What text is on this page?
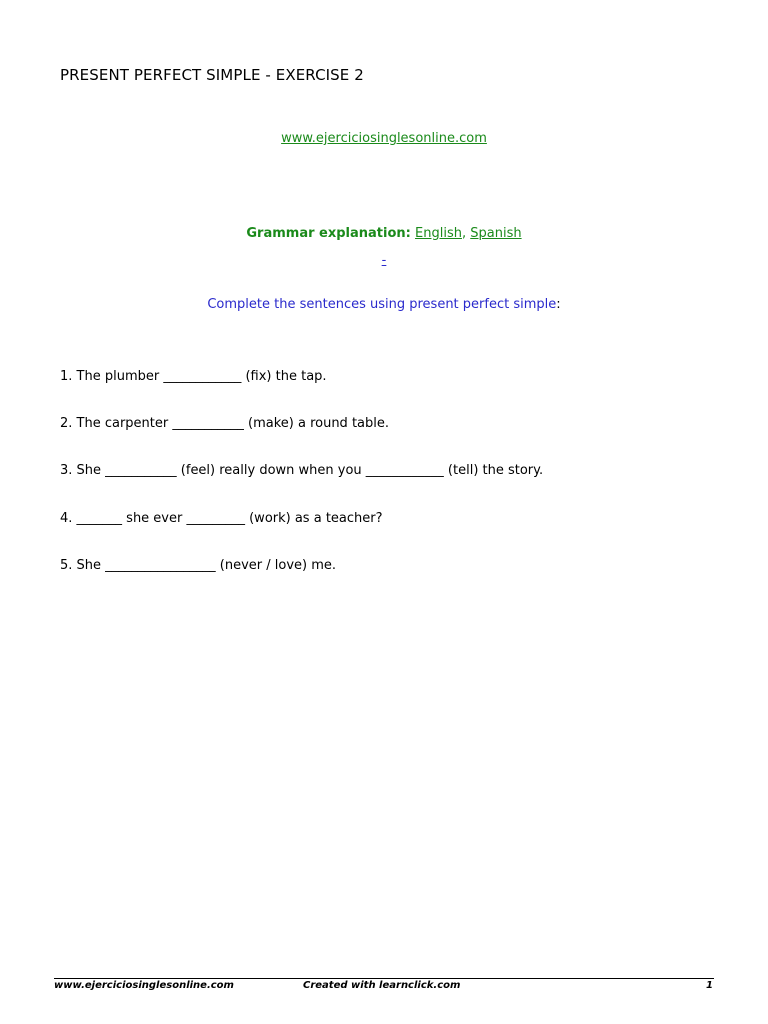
PRESENT PERFECT SIMPLE - EXERCISE 2
www.ejerciciosinglesonline.com
Grammar explanation: English, Spanish
-
Complete the sentences using present perfect simple:
1. The plumber ____________ (fix) the tap.
2. The carpenter ___________ (make) a round table.
3. She ___________ (feel) really down when you ____________ (tell) the story.
4. _______ she ever _________ (work) as a teacher?
5. She _________________ (never / love) me.
www.ejerciciosinglesonline.com	Created with learnclick.com	1
